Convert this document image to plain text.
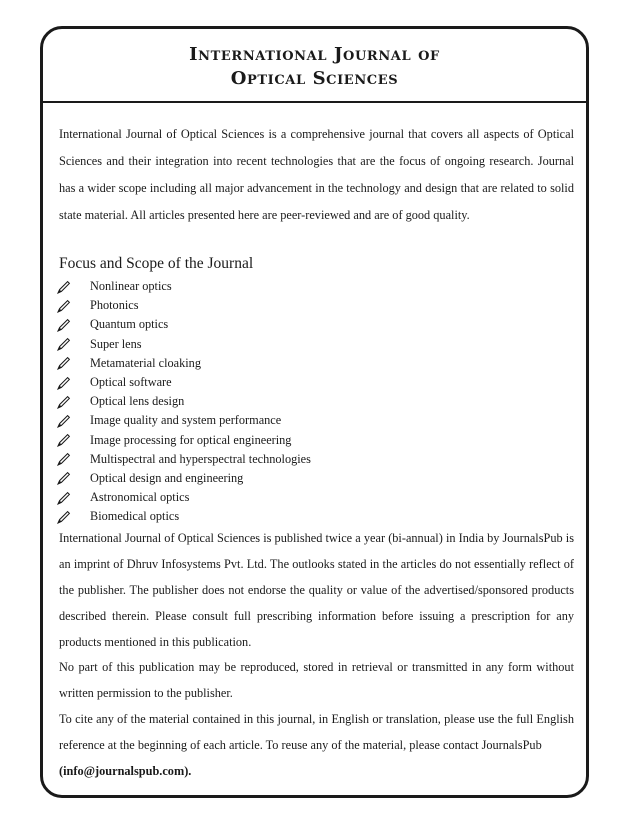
International Journal of
Optical Sciences

International Journal of Optical Sciences is a comprehensive journal that covers all aspects of Optical Sciences and their integration into recent technologies that are the focus of ongoing research. Journal has a wider scope including all major advancement in the technology and design that are related to solid state material. All articles presented here are peer-reviewed and are of good quality.

Focus and Scope of the Journal
Nonlinear optics
Photonics
Quantum optics
Super lens
Metamaterial cloaking
Optical software
Optical lens design
Image quality and system performance
Image processing for optical engineering
Multispectral and hyperspectral technologies
Optical design and engineering
Astronomical optics
Biomedical optics

International Journal of Optical Sciences is published twice a year (bi-annual) in India by JournalsPub is an imprint of Dhruv Infosystems Pvt. Ltd. The outlooks stated in the articles do not essentially reflect of the publisher. The publisher does not endorse the quality or value of the advertised/sponsored products described therein. Please consult full prescribing information before issuing a prescription for any products mentioned in this publication.

No part of this publication may be reproduced, stored in retrieval or transmitted in any form without written permission to the publisher.

To cite any of the material contained in this journal, in English or translation, please use the full English reference at the beginning of each article. To reuse any of the material, please contact JournalsPub
(info@journalspub.com).
